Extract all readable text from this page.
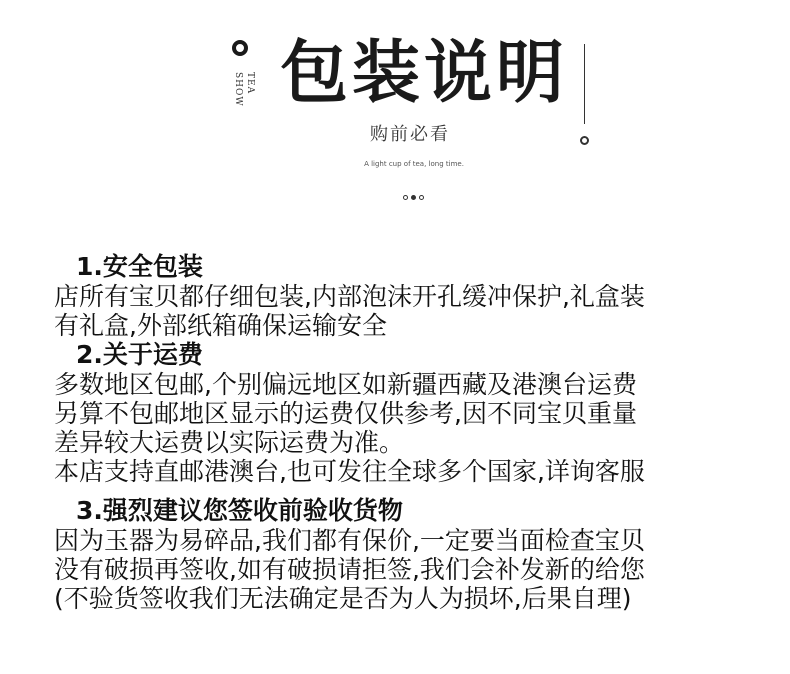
TEA SHOW 包装说明
购前必看
A light cup of tea, long time.

1.安全包装

店所有宝贝都仔细包装,内部泡沫开孔缓冲保护,礼盒装

有礼盒,外部纸箱确保运输安全

2.关于运费

多数地区包邮,个别偏远地区如新疆西藏及港澳台运费

另算不包邮地区显示的运费仅供参考,因不同宝贝重量

差异较大运费以实际运费为准。

本店支持直邮港澳台,也可发往全球多个国家,详询客服

3.强烈建议您签收前验收货物

因为玉器为易碎品,我们都有保价,一定要当面检查宝贝

没有破损再签收,如有破损请拒签,我们会补发新的给您

(不验货签收我们无法确定是否为人为损坏,后果自理)
